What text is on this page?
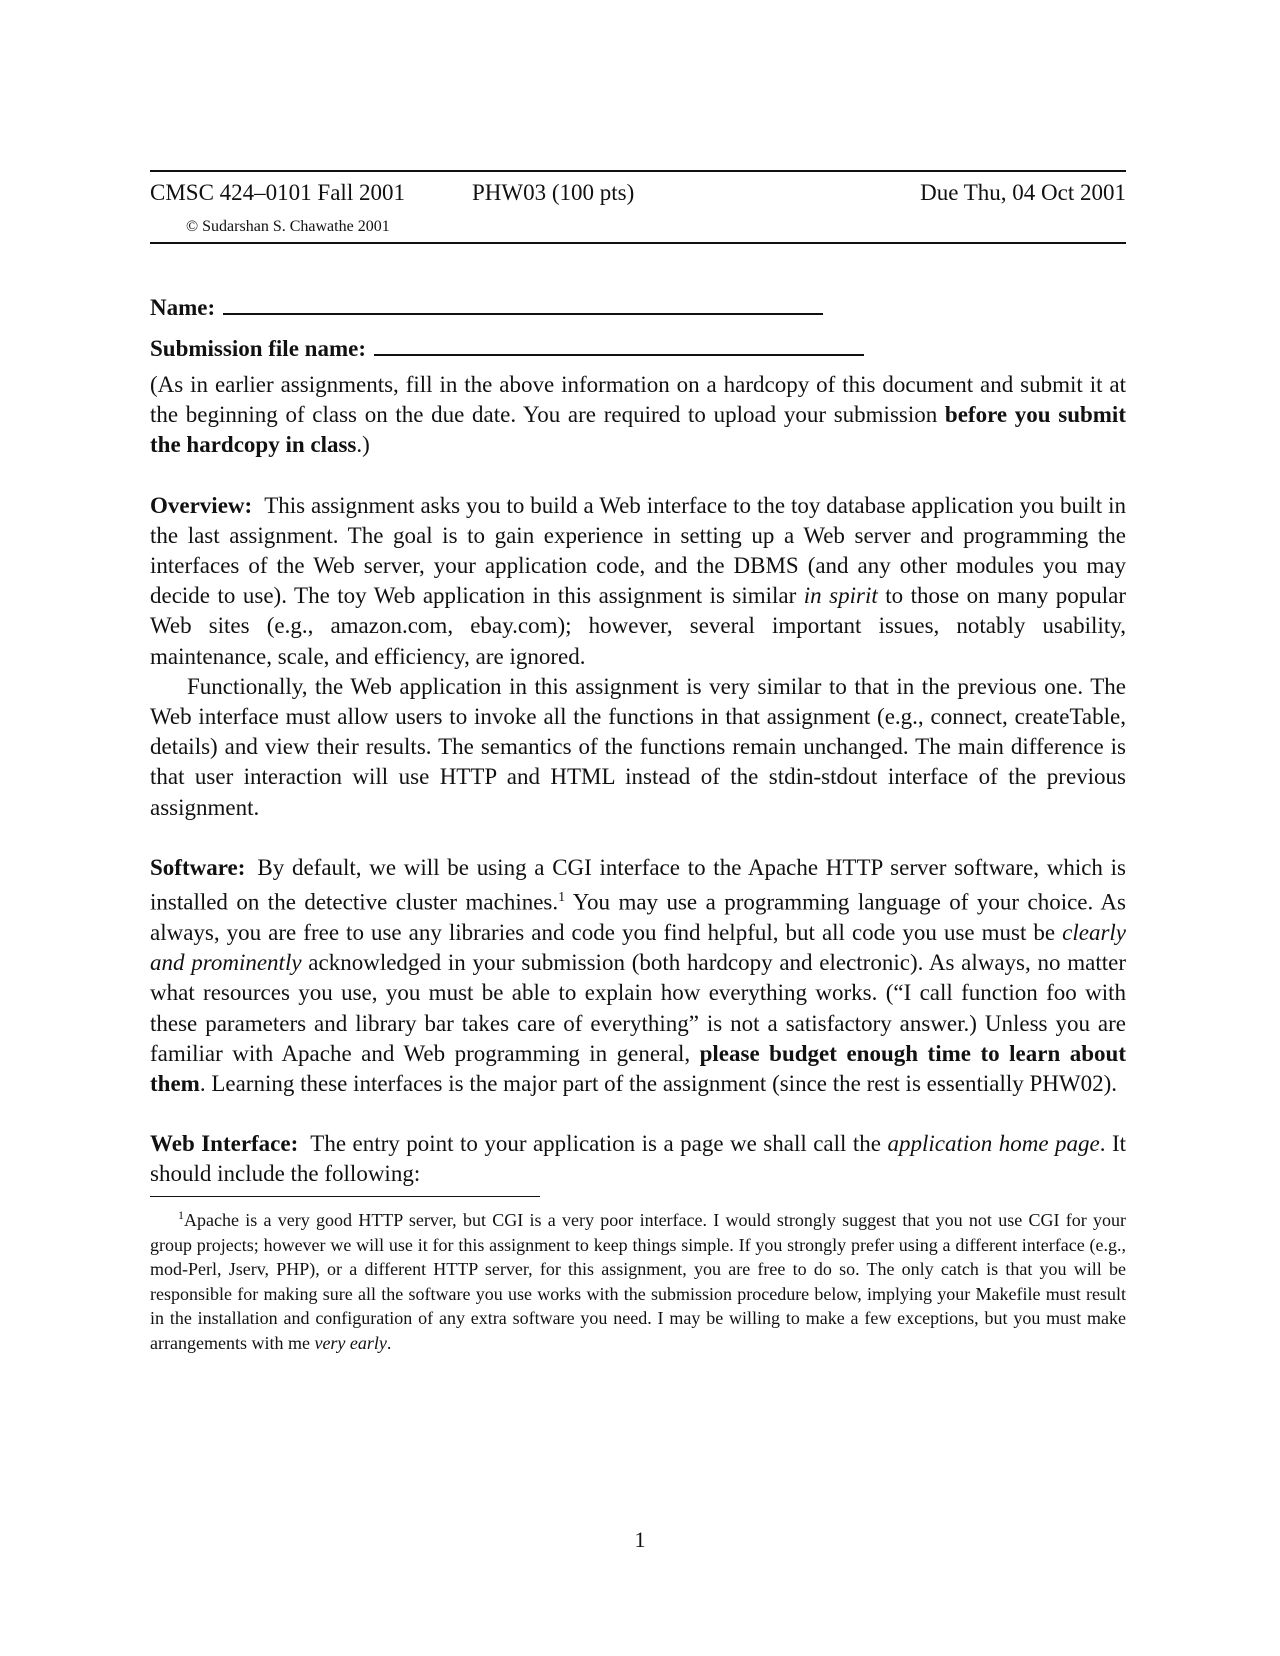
CMSC 424–0101 Fall 2001	PHW03 (100 pts)	Due Thu, 04 Oct 2001
© Sudarshan S. Chawathe 2001
Name:
Submission file name:

(As in earlier assignments, fill in the above information on a hardcopy of this document and submit it at the beginning of class on the due date. You are required to upload your submission before you submit the hardcopy in class.)

Overview: This assignment asks you to build a Web interface to the toy database application you built in the last assignment. The goal is to gain experience in setting up a Web server and programming the interfaces of the Web server, your application code, and the DBMS (and any other modules you may decide to use). The toy Web application in this assignment is similar in spirit to those on many popular Web sites (e.g., amazon.com, ebay.com); however, several important issues, notably usability, maintenance, scale, and efficiency, are ignored.

Functionally, the Web application in this assignment is very similar to that in the previous one. The Web interface must allow users to invoke all the functions in that assignment (e.g., connect, createTable, details) and view their results. The semantics of the functions remain unchanged. The main difference is that user interaction will use HTTP and HTML instead of the stdin-stdout interface of the previous assignment.

Software: By default, we will be using a CGI interface to the Apache HTTP server software, which is installed on the detective cluster machines.$^1$ You may use a programming language of your choice. As always, you are free to use any libraries and code you find helpful, but all code you use must be clearly and prominently acknowledged in your submission (both hardcopy and electronic). As always, no matter what resources you use, you must be able to explain how everything works. (“I call function foo with these parameters and library bar takes care of everything” is not a satisfactory answer.) Unless you are familiar with Apache and Web programming in general, please budget enough time to learn about them. Learning these interfaces is the major part of the assignment (since the rest is essentially PHW02).

Web Interface: The entry point to your application is a page we shall call the application home page. It should include the following:

$^1$Apache is a very good HTTP server, but CGI is a very poor interface. I would strongly suggest that you not use CGI for your group projects; however we will use it for this assignment to keep things simple. If you strongly prefer using a different interface (e.g., mod-Perl, Jserv, PHP), or a different HTTP server, for this assignment, you are free to do so. The only catch is that you will be responsible for making sure all the software you use works with the submission procedure below, implying your Makefile must result in the installation and configuration of any extra software you need. I may be willing to make a few exceptions, but you must make arrangements with me very early.

1
